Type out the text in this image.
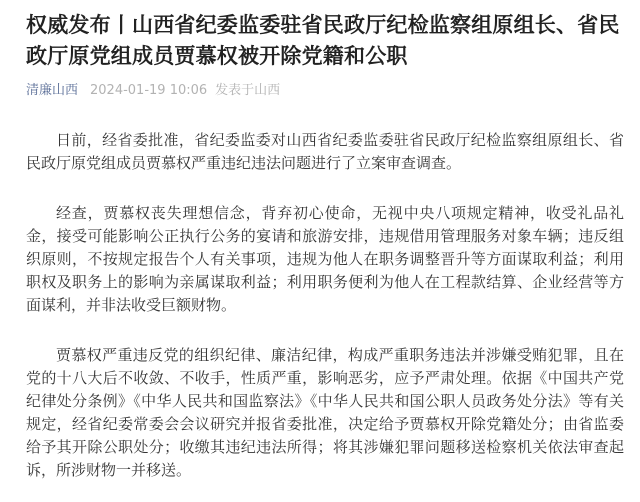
权威发布丨山西省纪委监委驻省民政厅纪检监察组原组长、省民政厅原党组成员贾慕权被开除党籍和公职
清廉山西 2024-01-19 10:06 发表于山西

日前，经省委批准，省纪委监委对山西省纪委监委驻省民政厅纪检监察组原组长、省民政厅原党组成员贾慕权严重违纪违法问题进行了立案审查调查。

经查，贾慕权丧失理想信念，背弃初心使命，无视中央八项规定精神，收受礼品礼金，接受可能影响公正执行公务的宴请和旅游安排，违规借用管理服务对象车辆；违反组织原则，不按规定报告个人有关事项，违规为他人在职务调整晋升等方面谋取利益；利用职权及职务上的影响为亲属谋取利益；利用职务便利为他人在工程款结算、企业经营等方面谋利，并非法收受巨额财物。

贾慕权严重违反党的组织纪律、廉洁纪律，构成严重职务违法并涉嫌受贿犯罪，且在党的十八大后不收敛、不收手，性质严重，影响恶劣，应予严肃处理。依据《中国共产党纪律处分条例》《中华人民共和国监察法》《中华人民共和国公职人员政务处分法》等有关规定，经省纪委常委会会议研究并报省委批准，决定给予贾慕权开除党籍处分；由省监委给予其开除公职处分；收缴其违纪违法所得；将其涉嫌犯罪问题移送检察机关依法审查起诉，所涉财物一并移送。
